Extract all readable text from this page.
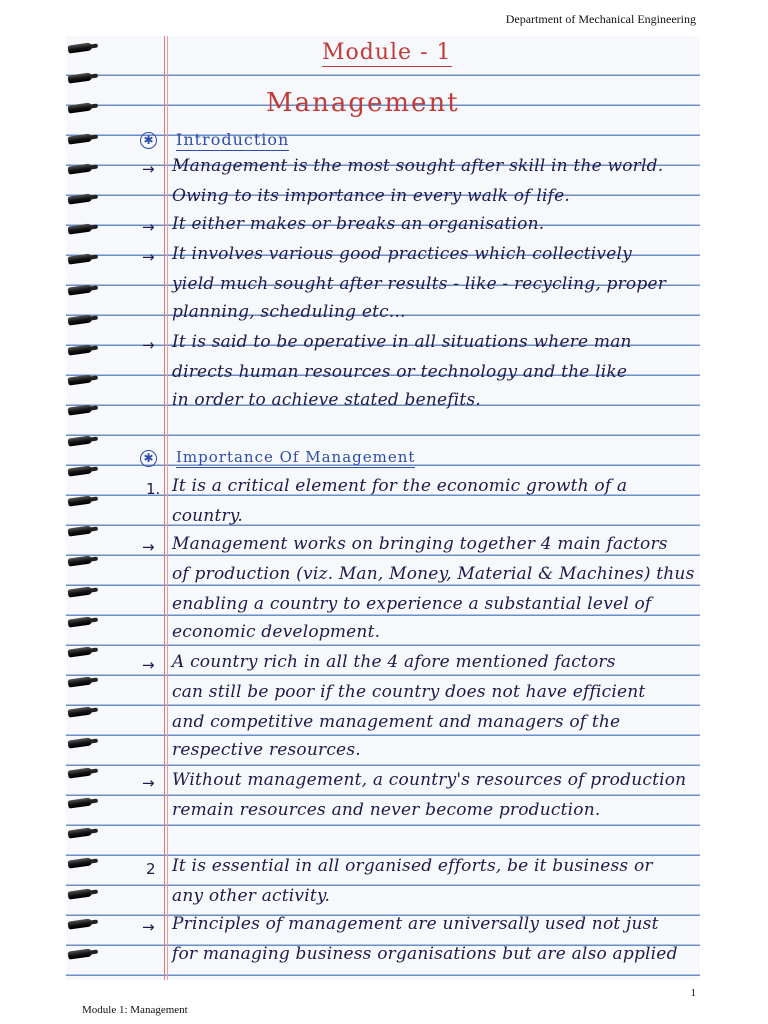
Department of Mechanical Engineering
Module - 1
Management
✱ Introduction
→ Management is the most sought after skill in the world.
Owing to its importance in every walk of life.
→ It either makes or breaks an organisation.
→ It involves various good practices which collectively
yield much sought after results - like - recycling, proper
planning, scheduling etc...
→ It is said to be operative in all situations where man
directs human resources or technology and the like
in order to achieve stated benefits.
✱ Importance Of Management
1. It is a critical element for the economic growth of a
country.
→ Management works on bringing together 4 main factors
of production (viz. Man, Money, Material & Machines) thus
enabling a country to experience a substantial level of
economic development.
→ A country rich in all the 4 afore mentioned factors
can still be poor if the country does not have efficient
and competitive management and managers of the
respective resources.
→ Without management, a country's resources of production
remain resources and never become production.
2 It is essential in all organised efforts, be it business or
any other activity.
→ Principles of management are universally used not just
for managing business organisations but are also applied
1
Module 1: Management
